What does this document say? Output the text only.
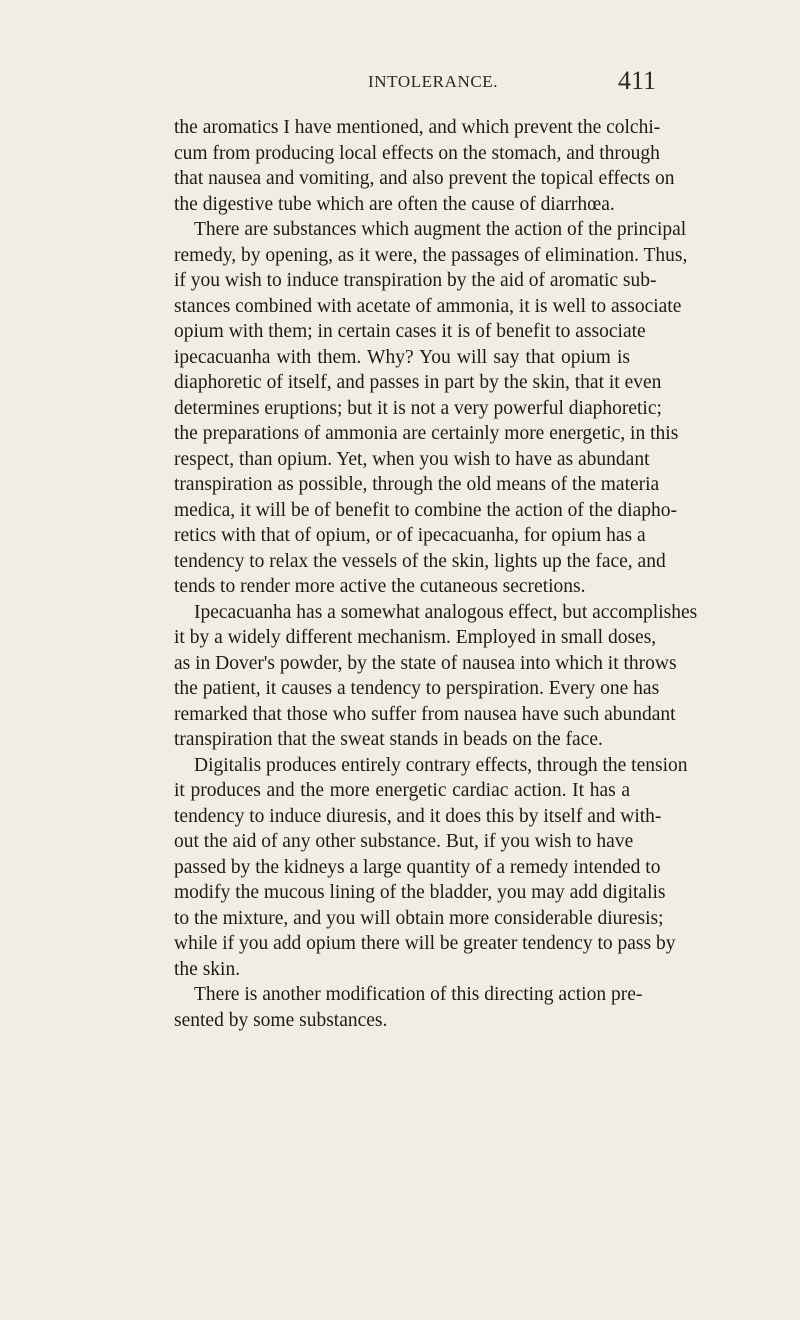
INTOLERANCE.	411
the aromatics I have mentioned, and which prevent the colchi-
cum from producing local effects on the stomach, and through
that nausea and vomiting, and also prevent the topical effects on
the digestive tube which are often the cause of diarrhœa.
There are substances which augment the action of the principal
remedy, by opening, as it were, the passages of elimination. Thus,
if you wish to induce transpiration by the aid of aromatic sub-
stances combined with acetate of ammonia, it is well to associate
opium with them; in certain cases it is of benefit to associate
ipecacuanha with them. Why? You will say that opium is
diaphoretic of itself, and passes in part by the skin, that it even
determines eruptions; but it is not a very powerful diaphoretic;
the preparations of ammonia are certainly more energetic, in this
respect, than opium. Yet, when you wish to have as abundant
transpiration as possible, through the old means of the materia
medica, it will be of benefit to combine the action of the diapho-
retics with that of opium, or of ipecacuanha, for opium has a
tendency to relax the vessels of the skin, lights up the face, and
tends to render more active the cutaneous secretions.
Ipecacuanha has a somewhat analogous effect, but accomplishes
it by a widely different mechanism. Employed in small doses,
as in Dover's powder, by the state of nausea into which it throws
the patient, it causes a tendency to perspiration. Every one has
remarked that those who suffer from nausea have such abundant
transpiration that the sweat stands in beads on the face.
Digitalis produces entirely contrary effects, through the tension
it produces and the more energetic cardiac action. It has a
tendency to induce diuresis, and it does this by itself and with-
out the aid of any other substance. But, if you wish to have
passed by the kidneys a large quantity of a remedy intended to
modify the mucous lining of the bladder, you may add digitalis
to the mixture, and you will obtain more considerable diuresis;
while if you add opium there will be greater tendency to pass by
the skin.
There is another modification of this directing action pre-
sented by some substances.
